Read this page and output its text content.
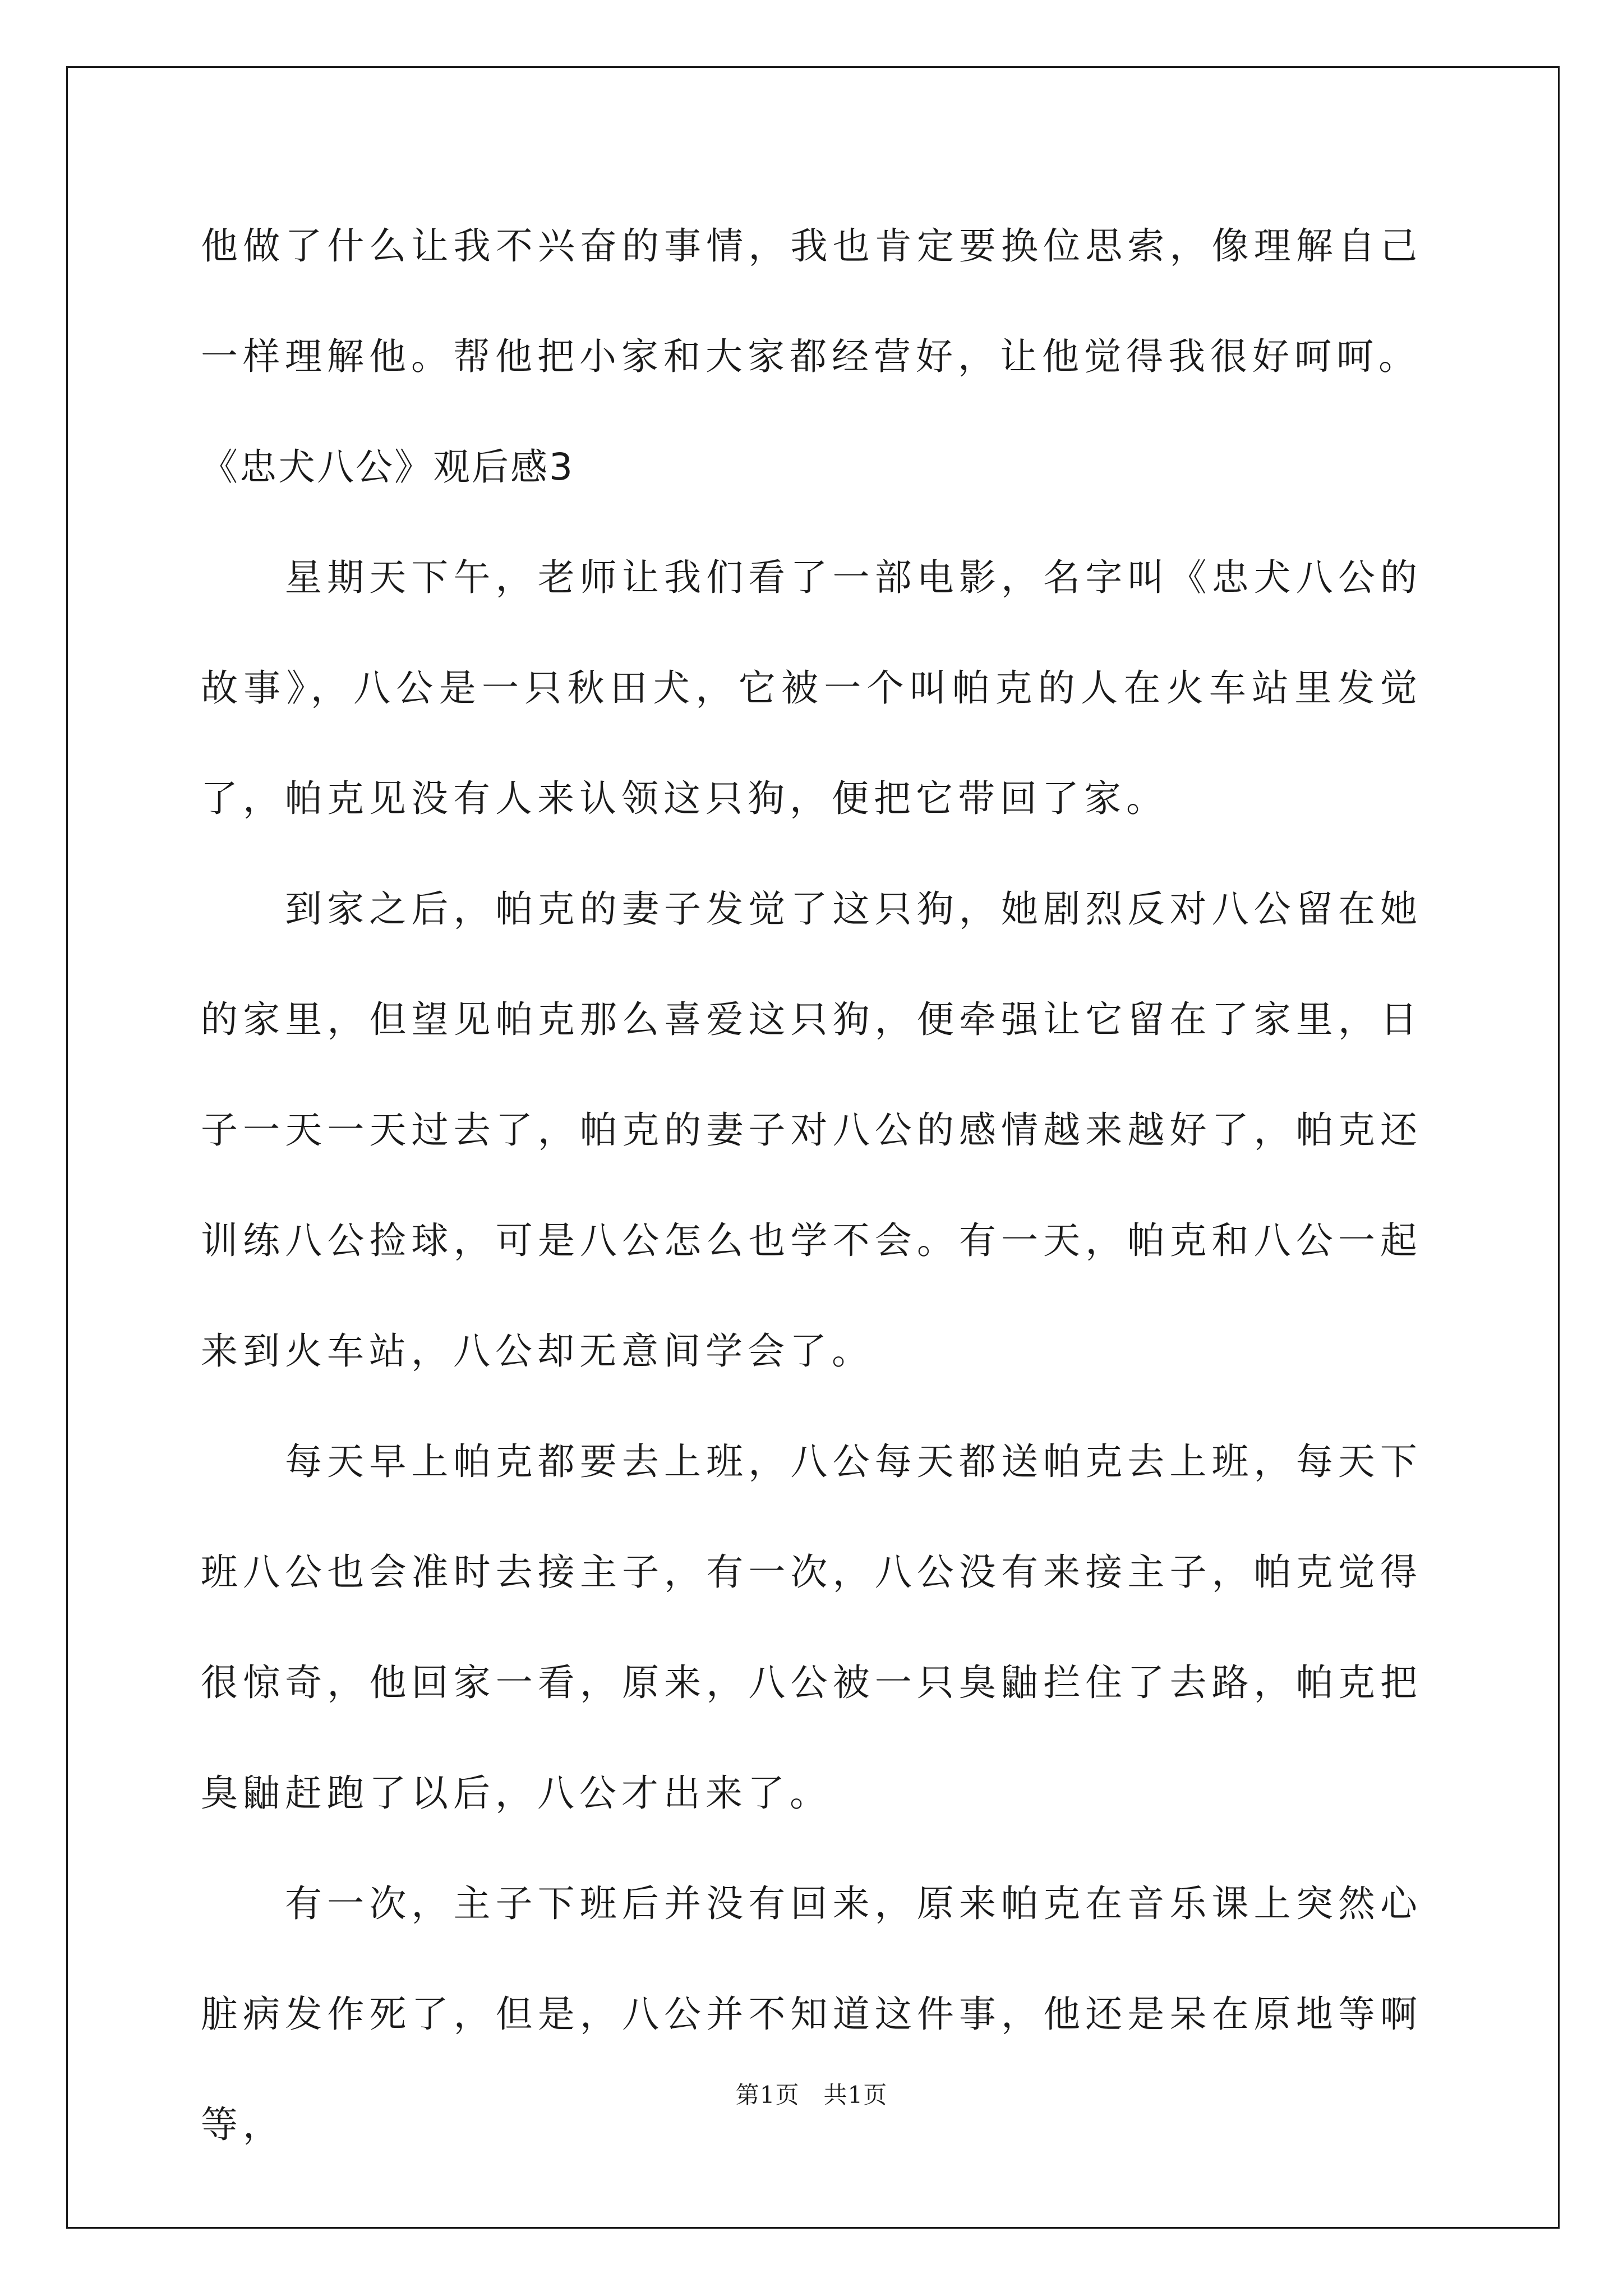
他做了什么让我不兴奋的事情，我也肯定要换位思索，像理解自己一样理解他。帮他把小家和大家都经营好，让他觉得我很好呵呵。

《忠犬八公》观后感3

星期天下午，老师让我们看了一部电影，名字叫《忠犬八公的故事》，八公是一只秋田犬，它被一个叫帕克的人在火车站里发觉了，帕克见没有人来认领这只狗，便把它带回了家。

到家之后，帕克的妻子发觉了这只狗，她剧烈反对八公留在她的家里，但望见帕克那么喜爱这只狗，便牵强让它留在了家里，日子一天一天过去了，帕克的妻子对八公的感情越来越好了，帕克还训练八公捡球，可是八公怎么也学不会。有一天，帕克和八公一起来到火车站，八公却无意间学会了。

每天早上帕克都要去上班，八公每天都送帕克去上班，每天下班八公也会准时去接主子，有一次，八公没有来接主子，帕克觉得很惊奇，他回家一看，原来，八公被一只臭鼬拦住了去路，帕克把臭鼬赶跑了以后，八公才出来了。

有一次，主子下班后并没有回来，原来帕克在音乐课上突然心脏病发作死了，但是，八公并不知道这件事，他还是呆在原地等啊等，

第1页　共1页
